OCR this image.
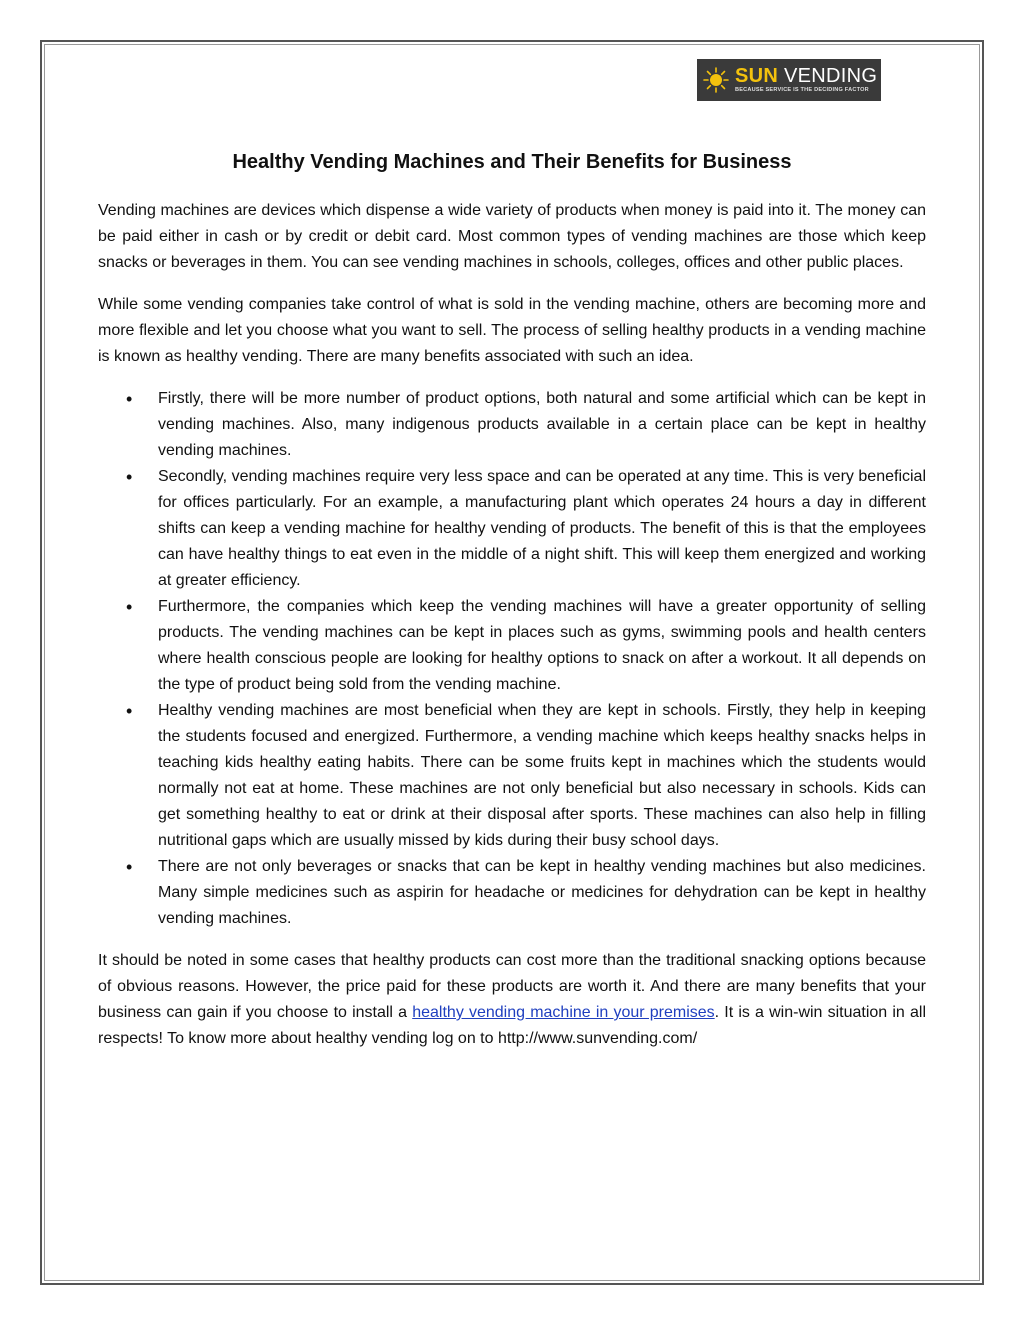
SUN VENDING
BECAUSE SERVICE IS THE DECIDING FACTOR
Healthy Vending Machines and Their Benefits for Business

Vending machines are devices which dispense a wide variety of products when money is paid into it. The money can be paid either in cash or by credit or debit card. Most common types of vending machines are those which keep snacks or beverages in them. You can see vending machines in schools, colleges, offices and other public places.

While some vending companies take control of what is sold in the vending machine, others are becoming more and more flexible and let you choose what you want to sell. The process of selling healthy products in a vending machine is known as healthy vending. There are many benefits associated with such an idea.

• Firstly, there will be more number of product options, both natural and some artificial which can be kept in vending machines. Also, many indigenous products available in a certain place can be kept in healthy vending machines.
• Secondly, vending machines require very less space and can be operated at any time. This is very beneficial for offices particularly. For an example, a manufacturing plant which operates 24 hours a day in different shifts can keep a vending machine for healthy vending of products. The benefit of this is that the employees can have healthy things to eat even in the middle of a night shift. This will keep them energized and working at greater efficiency.
• Furthermore, the companies which keep the vending machines will have a greater opportunity of selling products. The vending machines can be kept in places such as gyms, swimming pools and health centers where health conscious people are looking for healthy options to snack on after a workout. It all depends on the type of product being sold from the vending machine.
• Healthy vending machines are most beneficial when they are kept in schools. Firstly, they help in keeping the students focused and energized. Furthermore, a vending machine which keeps healthy snacks helps in teaching kids healthy eating habits. There can be some fruits kept in machines which the students would normally not eat at home. These machines are not only beneficial but also necessary in schools. Kids can get something healthy to eat or drink at their disposal after sports. These machines can also help in filling nutritional gaps which are usually missed by kids during their busy school days.
• There are not only beverages or snacks that can be kept in healthy vending machines but also medicines. Many simple medicines such as aspirin for headache or medicines for dehydration can be kept in healthy vending machines.

It should be noted in some cases that healthy products can cost more than the traditional snacking options because of obvious reasons. However, the price paid for these products are worth it. And there are many benefits that your business can gain if you choose to install a healthy vending machine in your premises. It is a win-win situation in all respects! To know more about healthy vending log on to http://www.sunvending.com/
